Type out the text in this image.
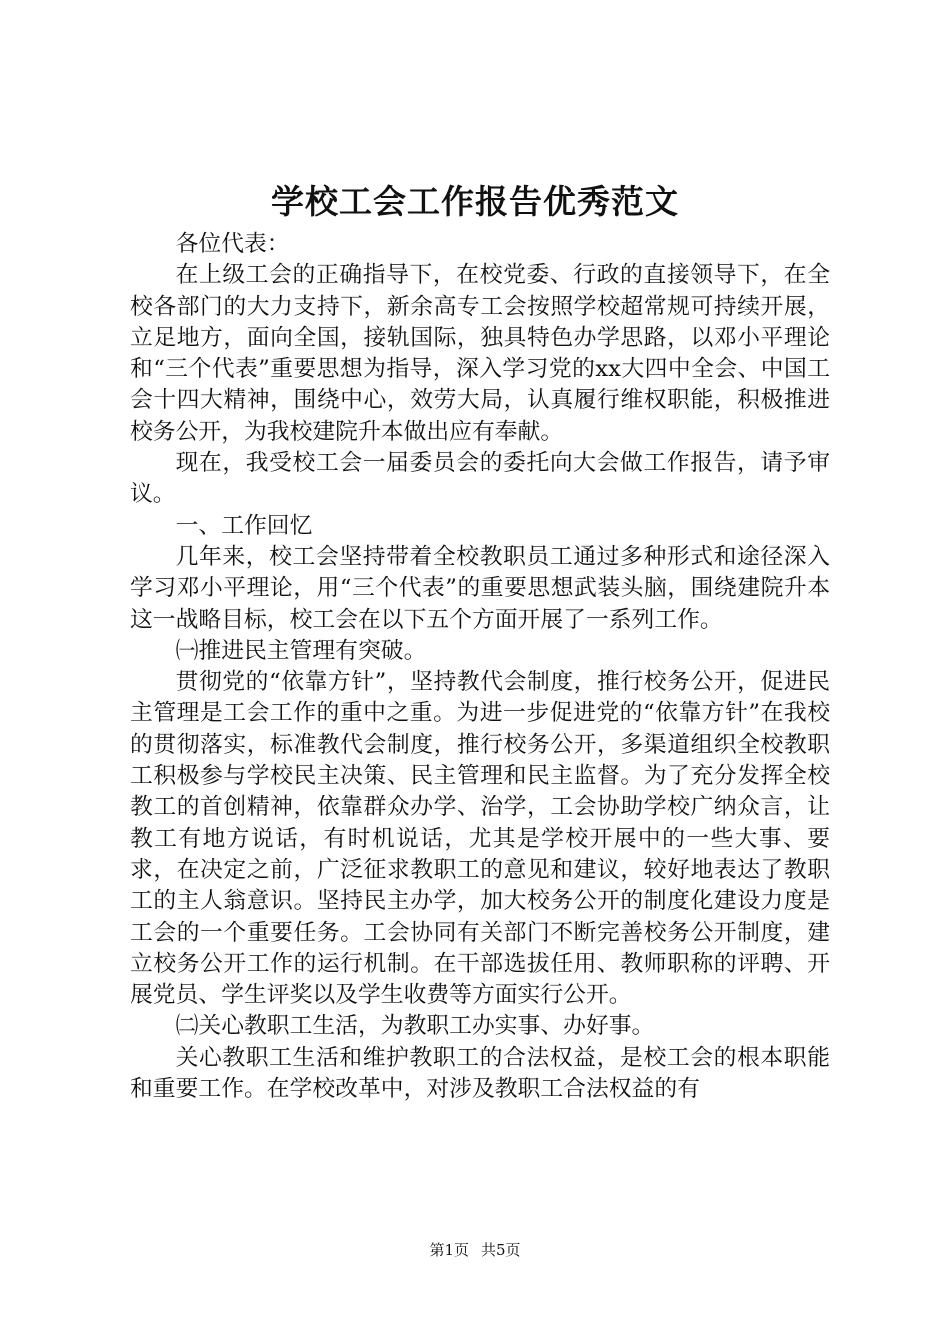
学校工会工作报告优秀范文

各位代表：

在上级工会的正确指导下，在校党委、行政的直接领导下，在全校各部门的大力支持下，新余高专工会按照学校超常规可持续开展，立足地方，面向全国，接轨国际，独具特色办学思路，以邓小平理论和“三个代表”重要思想为指导，深入学习党的xx大四中全会、中国工会十四大精神，围绕中心，效劳大局，认真履行维权职能，积极推进校务公开，为我校建院升本做出应有奉献。

现在，我受校工会一届委员会的委托向大会做工作报告，请予审议。

一、工作回忆

几年来，校工会坚持带着全校教职员工通过多种形式和途径深入学习邓小平理论，用“三个代表”的重要思想武装头脑，围绕建院升本这一战略目标，校工会在以下五个方面开展了一系列工作。

㈠推进民主管理有突破。

贯彻党的“依靠方针”，坚持教代会制度，推行校务公开，促进民主管理是工会工作的重中之重。为进一步促进党的“依靠方针”在我校的贯彻落实，标准教代会制度，推行校务公开，多渠道组织全校教职工积极参与学校民主决策、民主管理和民主监督。为了充分发挥全校教工的首创精神，依靠群众办学、治学，工会协助学校广纳众言，让教工有地方说话，有时机说话，尤其是学校开展中的一些大事、要求，在决定之前，广泛征求教职工的意见和建议，较好地表达了教职工的主人翁意识。坚持民主办学，加大校务公开的制度化建设力度是工会的一个重要任务。工会协同有关部门不断完善校务公开制度，建立校务公开工作的运行机制。在干部选拔任用、教师职称的评聘、开展党员、学生评奖以及学生收费等方面实行公开。

㈡关心教职工生活，为教职工办实事、办好事。

关心教职工生活和维护教职工的合法权益，是校工会的根本职能和重要工作。在学校改革中，对涉及教职工合法权益的有

第1页 共5页
